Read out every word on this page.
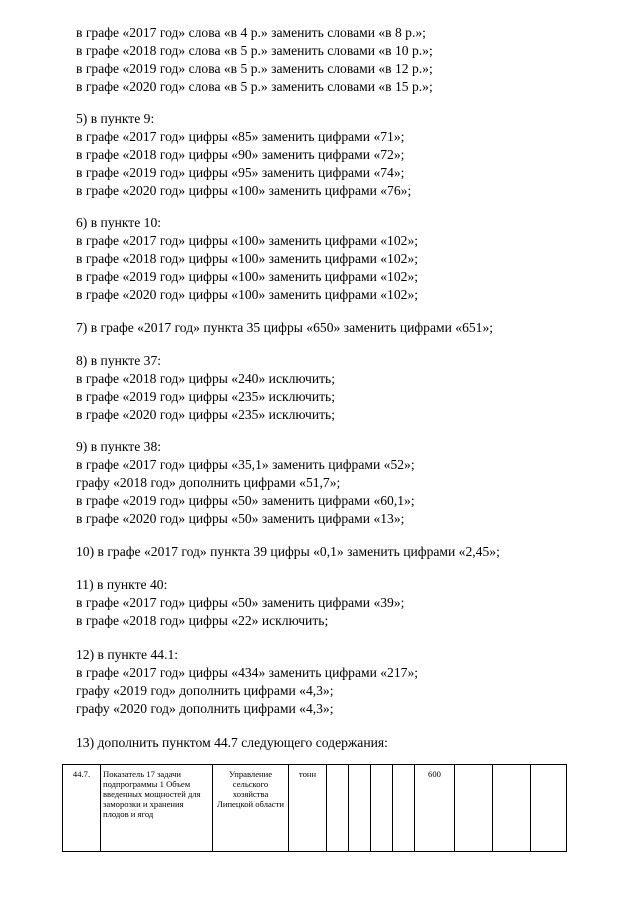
в графе «2017 год» слова «в 4 р.» заменить словами «в 8 р.»;
в графе «2018 год» слова «в 5 р.» заменить словами «в 10 р.»;
в графе «2019 год» слова «в 5 р.» заменить словами «в 12 р.»;
в графе «2020 год» слова «в 5 р.» заменить словами «в 15 р.»;
5) в пункте 9:
в графе «2017 год» цифры «85» заменить цифрами «71»;
в графе «2018 год» цифры «90» заменить цифрами «72»;
в графе «2019 год» цифры «95» заменить цифрами «74»;
в графе «2020 год» цифры «100» заменить цифрами «76»;
6) в пункте 10:
в графе «2017 год» цифры «100» заменить цифрами «102»;
в графе «2018 год» цифры «100» заменить цифрами «102»;
в графе «2019 год» цифры «100» заменить цифрами «102»;
в графе «2020 год» цифры «100» заменить цифрами «102»;
7) в графе «2017 год» пункта 35 цифры «650» заменить цифрами «651»;
8) в пункте 37:
в графе «2018 год» цифры «240» исключить;
в графе «2019 год» цифры «235» исключить;
в графе «2020 год» цифры «235» исключить;
9) в пункте 38:
в графе «2017 год» цифры «35,1» заменить цифрами «52»;
графу «2018 год» дополнить цифрами «51,7»;
в графе «2019 год» цифры «50» заменить цифрами «60,1»;
в графе «2020 год» цифры «50» заменить цифрами «13»;
10) в графе «2017 год» пункта 39 цифры «0,1» заменить цифрами «2,45»;
11) в пункте 40:
в графе «2017 год» цифры «50» заменить цифрами «39»;
в графе «2018 год» цифры «22» исключить;
12) в пункте 44.1:
в графе «2017 год» цифры «434» заменить цифрами «217»;
графу «2019 год» дополнить цифрами «4,3»;
графу «2020 год» дополнить цифрами «4,3»;
13) дополнить пунктом 44.7 следующего содержания:
44.7.	Показатель 17 задачи подпрограммы 1 Объем введенных мощностей для заморозки и хранения плодов и ягод	Управление сельского хозяйства Липецкой области	тонн					600			
